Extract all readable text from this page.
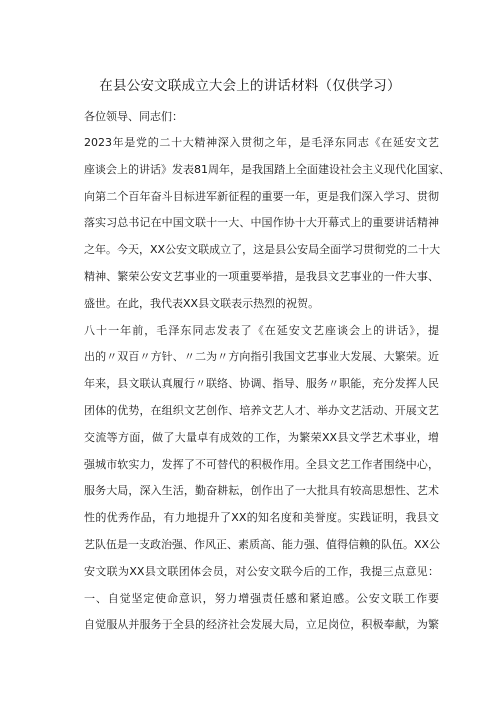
在县公安文联成立大会上的讲话材料（仅供学习）

各位领导、同志们：

2023年是党的二十大精神深入贯彻之年，是毛泽东同志《在延安文艺
座谈会上的讲话》发表81周年，是我国踏上全面建设社会主义现代化国家、
向第二个百年奋斗目标进军新征程的重要一年，更是我们深入学习、贯彻
落实习总书记在中国文联十一大、中国作协十大开幕式上的重要讲话精神
之年。今天，XX公安文联成立了，这是县公安局全面学习贯彻党的二十大
精神、繁荣公安文艺事业的一项重要举措，是我县文艺事业的一件大事、
盛世。在此，我代表XX县文联表示热烈的祝贺。
八十一年前，毛泽东同志发表了《在延安文艺座谈会上的讲话》，提
出的〃双百〃方针、〃二为〃方向指引我国文艺事业大发展、大繁荣。近
年来，县文联认真履行〃联络、协调、指导、服务〃职能，充分发挥人民
团体的优势，在组织文艺创作、培养文艺人才、举办文艺活动、开展文艺
交流等方面，做了大量卓有成效的工作，为繁荣XX县文学艺术事业，增
强城市软实力，发挥了不可替代的积极作用。全县文艺工作者围绕中心，
服务大局，深入生活，勤奋耕耘，创作出了一大批具有较高思想性、艺术
性的优秀作品，有力地提升了XX的知名度和美誉度。实践证明，我县文
艺队伍是一支政治强、作风正、素质高、能力强、值得信赖的队伍。XX公
安文联为XX县文联团体会员，对公安文联今后的工作，我提三点意见：
一、自觉坚定使命意识，努力增强责任感和紧迫感。公安文联工作要
自觉服从并服务于全县的经济社会发展大局，立足岗位，积极奉献，为繁
